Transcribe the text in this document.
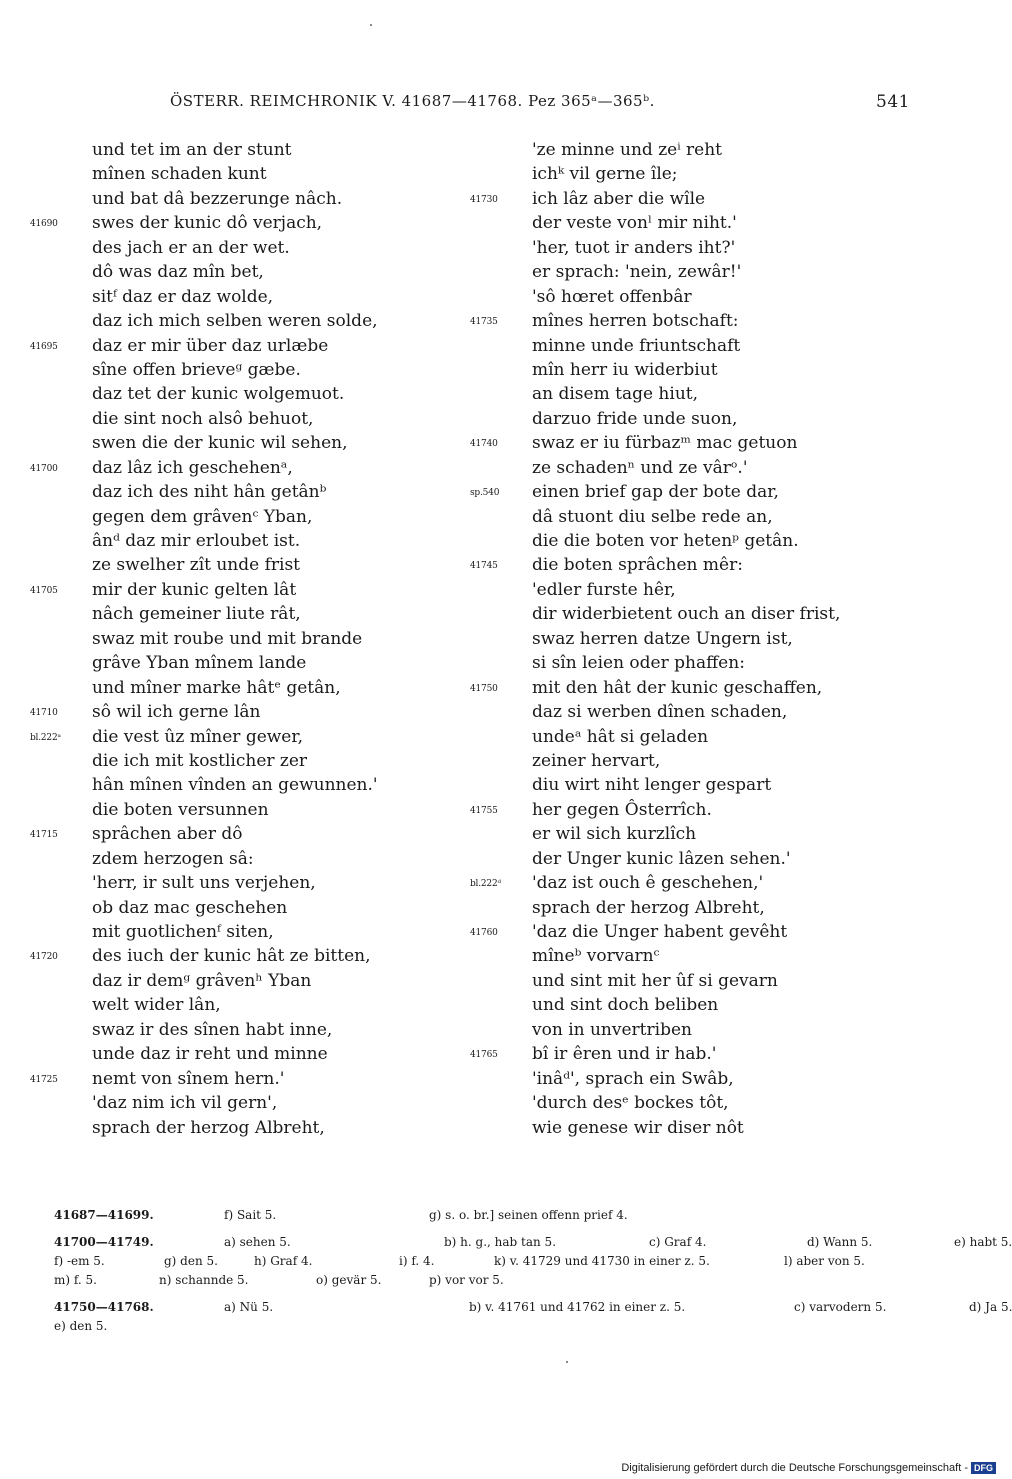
ÖSTERR. REIMCHRONIK V. 41687—41768. Pez 365ᵃ—365ᵇ.	541
und tet im an der stunt
mînen schaden kunt
und bat dâ bezzerunge nâch.
41690	swes der kunic dô verjach,
des jach er an der wet.
dô was daz mîn bet,
sitᶠ daz er daz wolde,
daz ich mich selben weren solde,
41695	daz er mir über daz urlæbe
sîne offen brieveᵍ gæbe.
daz tet der kunic wolgemuot.
die sint noch alsô behuot,
swen die der kunic wil sehen,
41700	daz lâz ich geschehenᵃ,
daz ich des niht hân getânᵇ
gegen dem grâvenᶜ Yban,
ânᵈ daz mir erloubet ist.
ze swelher zît unde frist
41705	mir der kunic gelten lât
nâch gemeiner liute rât,
swaz mit roube und mit brande
grâve Yban mînem lande
und mîner marke hâtᵉ getân,
41710	sô wil ich gerne lân
bl.222ᵃ	die vest ûz mîner gewer,
die ich mit kostlicher zer
hân mînen vînden an gewunnen.'
die boten versunnen
41715	sprâchen aber dô
zdem herzogen sâ:
'herr, ir sult uns verjehen,
ob daz mac geschehen
mit guotlichenᶠ siten,
41720	des iuch der kunic hât ze bitten,
daz ir demᵍ grâvenʰ Yban
welt wider lân,
swaz ir des sînen habt inne,
unde daz ir reht und minne
41725	nemt von sînem hern.'
'daz nim ich vil gern',
sprach der herzog Albreht,
'ze minne und zeⁱ reht
ichᵏ vil gerne île;
41730	ich lâz aber die wîle
der veste vonˡ mir niht.'
'her, tuot ir anders iht?'
er sprach: 'nein, zewâr!'
'sô hœret offenbâr
41735	mînes herren botschaft:
minne unde friuntschaft
mîn herr iu widerbiut
an disem tage hiut,
darzuo fride unde suon,
41740	swaz er iu fürbazᵐ mac getuon
ze schadenⁿ und ze vârᵒ.'
sp.540	einen brief gap der bote dar,
dâ stuont diu selbe rede an,
die die boten vor hetenᵖ getân.
41745	die boten sprâchen mêr:
'edler furste hêr,
dir widerbietent ouch an diser frist,
swaz herren datze Ungern ist,
si sîn leien oder phaffen:
41750	mit den hât der kunic geschaffen,
daz si werben dînen schaden,
undeᵃ hât si geladen
zeiner hervart,
diu wirt niht lenger gespart
41755	her gegen Ôsterrîch.
er wil sich kurzlîch
der Unger kunic lâzen sehen.'
bl.222ᵈ	'daz ist ouch ê geschehen,'
sprach der herzog Albreht,
41760	'daz die Unger habent gevêht
mîneᵇ vorvarnᶜ
und sint mit her ûf si gevarn
und sint doch beliben
von in unvertriben
41765	bî ir êren und ir hab.'
'inâᵈ', sprach ein Swâb,
'durch desᵉ bockes tôt,
wie genese wir diser nôt
41687—41699.	f) Sait 5.	g) s. o. br.] seinen offenn prief 4.
41700—41749.	a) sehen 5.	b) h. g., hab tan 5.	c) Graf 4.	d) Wann 5.	e) habt 5.
f) -em 5.	g) den 5.	h) Graf 4.	i) f. 4.	k) v. 41729 und 41730 in einer z. 5.	l) aber von 5.
m) f. 5.	n) schannde 5.	o) gevär 5.	p) vor vor 5.
41750—41768.	a) Nü 5.	b) v. 41761 und 41762 in einer z. 5.	c) varvodern 5.	d) Ja 5.
e) den 5.
Digitalisierung gefördert durch die Deutsche Forschungsgemeinschaft - DFG
